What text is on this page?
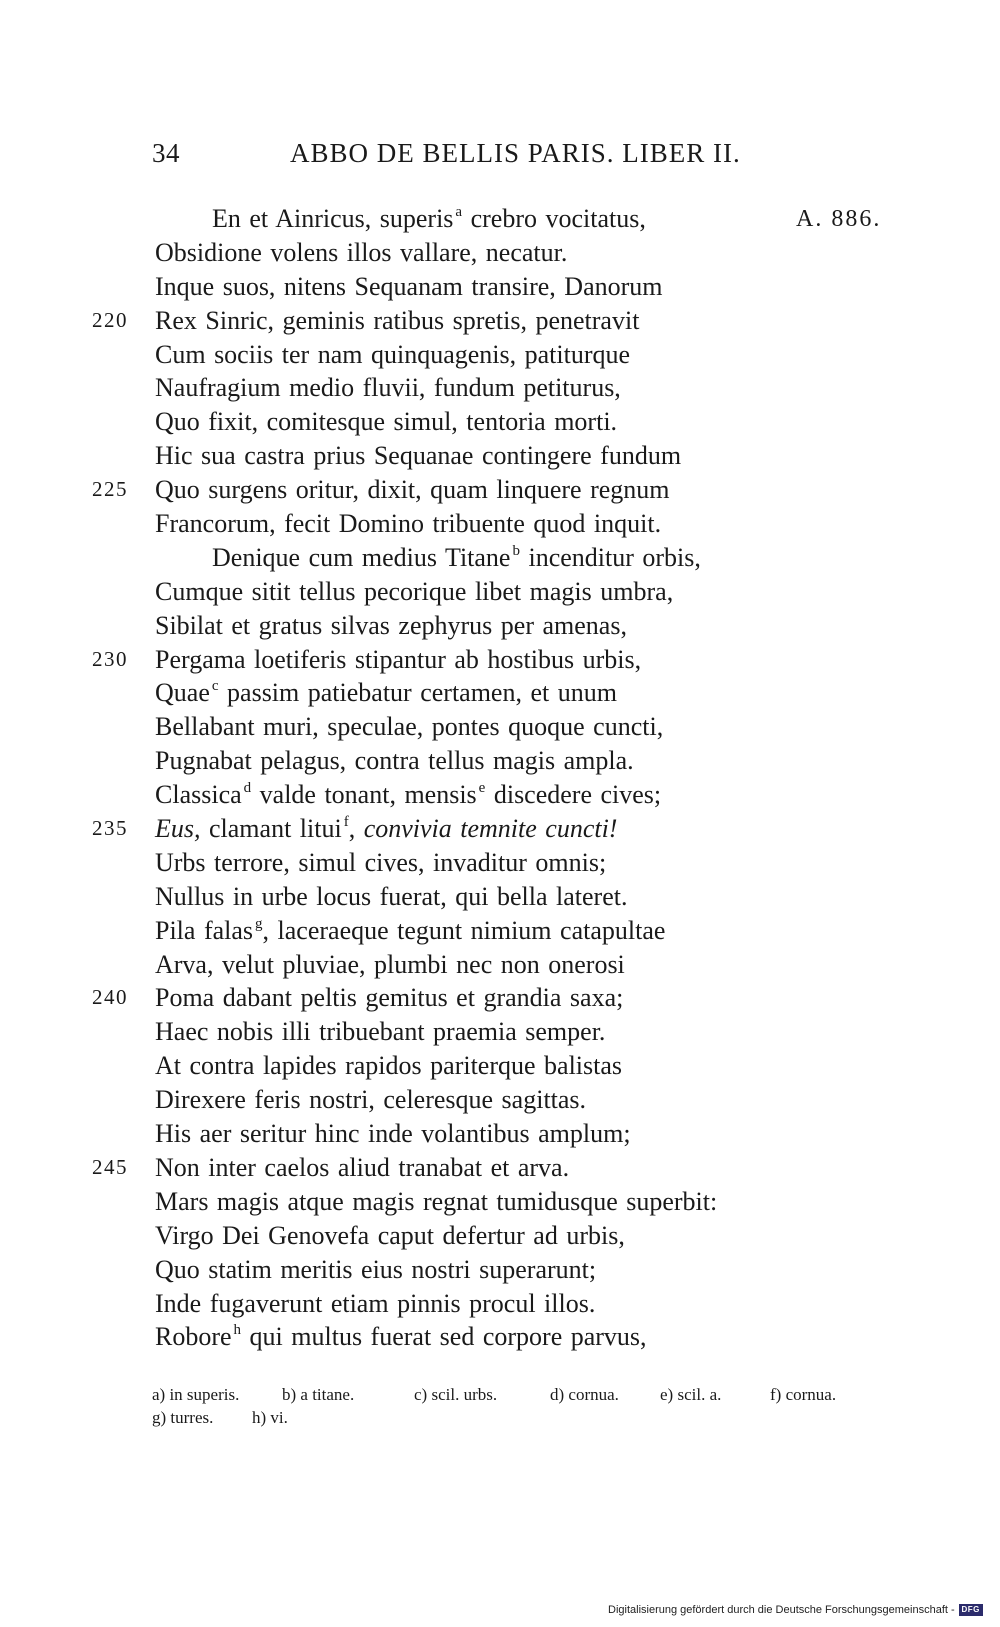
34	ABBO DE BELLIS PARIS. LIBER II.
A. 886.
En et Ainricus, superis $^a$ crebro vocitatus,
Obsidione volens illos vallare, necatur.
Inque suos, nitens Sequanam transire, Danorum
220	Rex Sinric, geminis ratibus spretis, penetravit
Cum sociis ter nam quinquagenis, patiturque
Naufragium medio fluvii, fundum petiturus,
Quo fixit, comitesque simul, tentoria morti.
Hic sua castra prius Sequanae contingere fundum
225	Quo surgens oritur, dixit, quam linquere regnum
Francorum, fecit Domino tribuente quod inquit.
Denique cum medius Titane $^b$ incenditur orbis,
Cumque sitit tellus pecorique libet magis umbra,
Sibilat et gratus silvas zephyrus per amenas,
230	Pergama loetiferis stipantur ab hostibus urbis,
Quae $^c$ passim patiebatur certamen, et unum
Bellabant muri, speculae, pontes quoque cuncti,
Pugnabat pelagus, contra tellus magis ampla.
Classica $^d$ valde tonant, mensis $^e$ discedere cives;
235	Eus, clamant litui $^f$, convivia temnite cuncti!
Urbs terrore, simul cives, invaditur omnis;
Nullus in urbe locus fuerat, qui bella lateret.
Pila falas $^g$, laceraeque tegunt nimium catapultae
Arva, velut pluviae, plumbi nec non onerosi
240	Poma dabant peltis gemitus et grandia saxa;
Haec nobis illi tribuebant praemia semper.
At contra lapides rapidos pariterque balistas
Direxere feris nostri, celeresque sagittas.
His aer seritur hinc inde volantibus amplum;
245	Non inter caelos aliud tranabat et arva.
Mars magis atque magis regnat tumidusque superbit:
Virgo Dei Genovefa caput defertur ad urbis,
Quo statim meritis eius nostri superarunt;
Inde fugaverunt etiam pinnis procul illos.
Robore $^h$ qui multus fuerat sed corpore parvus,
a) in superis.	b) a titane.	c) scil. urbs.	d) cornua. e) scil. a.	f) cornua.
g) turres. h) vi.
Digitalisierung gefördert durch die Deutsche Forschungsgemeinschaft - DFG
